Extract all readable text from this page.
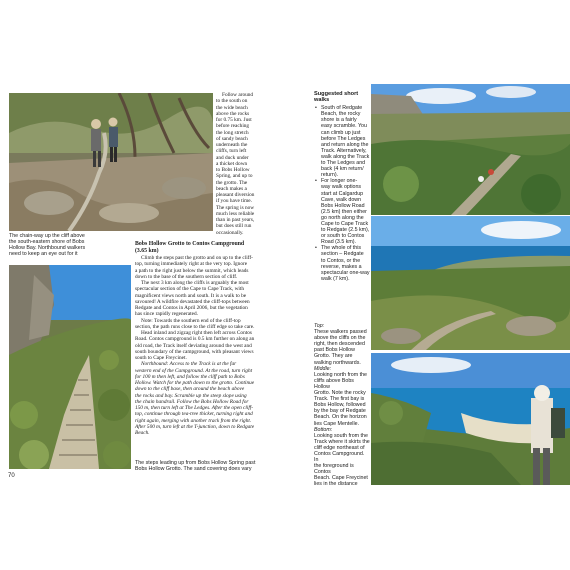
The chain-way up the cliff above

the south-eastern shore of Bobs

Hollow Bay. Northbound walkers

need to keep an eye out for it

Follow around

to the south on

the wide beach

above the rocks

for 0.75 km. Just

before reaching

the long stretch

of sandy beach

underneath the

cliffs, turn left

and duck under

a thicket down

to Bobs Hollow

Spring, and up to

the grotto. The

beach makes a

pleasant diversion

if you have time.

The spring is now

much less reliable

than in past years,

but does still run

occasionally.

Bobs Hollow Grotto to Contos Campground

(3.65 km)

Climb the steps past the grotto and on up to the cliff-

top, turning immediately right at the very top. Ignore

a path to the right just below the summit, which leads

down to the base of the southern section of cliff.

The next 3 km along the cliffs is arguably the most

spectacular section of the Cape to Cape Track, with

magnificent views north and south. It is a walk to be

savoured! A wildfire devastated the cliff-tops between

Redgate and Contos in April 2006, but the vegetation

has since rapidly regenerated.

Note: Towards the southern end of the cliff-top

section, the path runs close to the cliff edge so take care.

Head inland and zigzag right then left across Contos

Road. Contos campground is 0.5 km further on along an

old road, the Track itself deviating around the west and

south boundary of the campground, with pleasant views

south to Cape Freycinet.

Northbound: Access to the Track is at the far

western end of the Campground. At the road, turn right

for 100 m then left, and follow the cliff path to Bobs

Hollow. Watch for the path down to the grotto. Continue

down to the cliff base, then around the beach above

the rocks and bay. Scramble up the steep slope using

the chain handrail. Follow the Bobs Hollow Road for

150 m, then turn left at The Ledges. After the open cliff-

top, continue through tea-tree thicket, turning right and

right again, merging with another track from the right.

After 500 m, turn left at the T-junction, down to Redgate

Beach.

The steps leading up from Bobs Hollow Spring past

Bobs Hollow Grotto. The sand covering does vary

70

Suggested short

walks

• South of Redgate

Beach, the rocky

shore is a fairly

easy scramble. You

can climb up just

before The Ledges

and return along the

Track. Alternatively,

walk along the Track

to The Ledges and

back (4 km return/

return).

• For longer one-

way walk options

start at Calgardup

Cave, walk down

Bobs Hollow Road

(2.5 km) then either

go north along the

Cape to Cape Track

to Redgate (2.5 km),

or south to Contos

Road (3.5 km).

• The whole of this

section – Redgate

to Contos, or the

reverse, makes a

spectacular one-way

walk (7 km).

Top:

These walkers passed

above the cliffs on the

right, then descended

past Bobs Hollow

Grotto. They are

walking northwards.

Middle:

Looking north from the

cliffs above Bobs Hollow

Grotto. Note the rocky

Track. The first bay is

Bobs Hollow, followed

by the bay of Redgate

Beach. On the horizon

lies Cape Mentelle.

Bottom:

Looking south from the

Track where it skirts the

cliff edge northeast of

Contos Campground. In

the foreground is Contos

Beach. Cape Freycinet

lies in the distance
